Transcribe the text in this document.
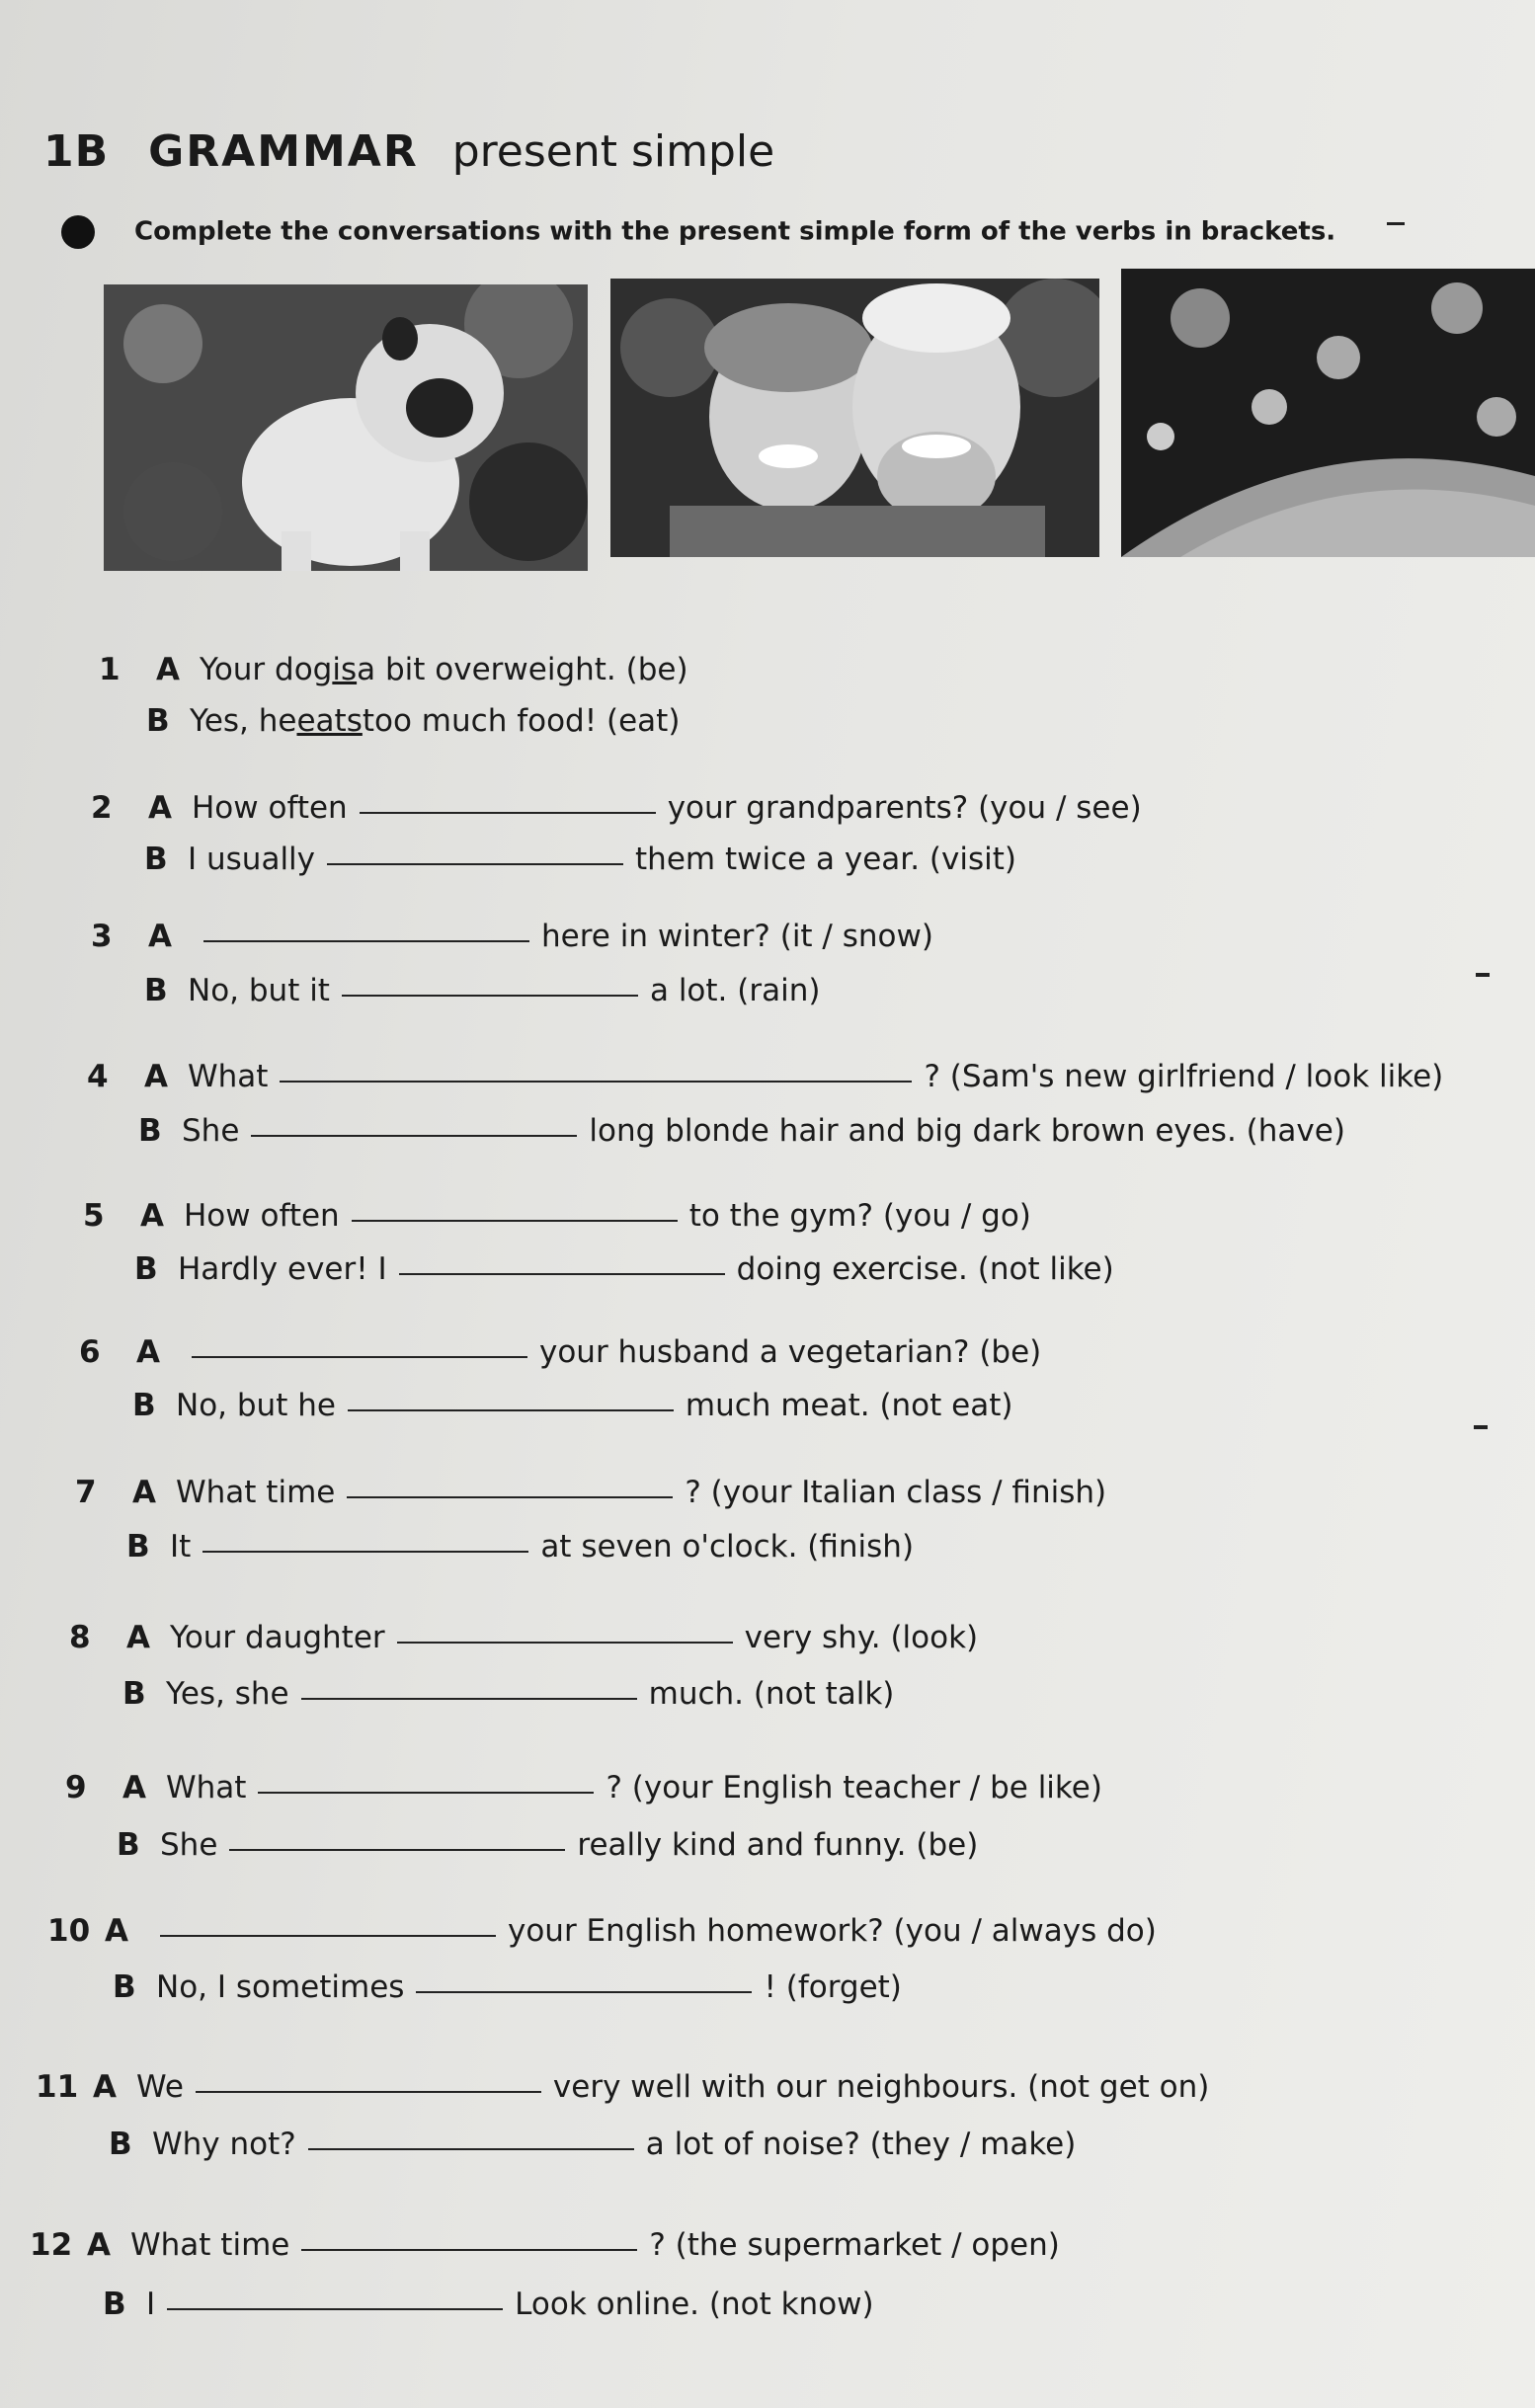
1B GRAMMAR present simple
Complete the conversations with the present simple form of the verbs in brackets.
1	A Your dog is a bit overweight. (be)
B Yes, he eats too much food! (eat)
2	A How often	your grandparents? (you / see)
B I usually	them twice a year. (visit)
3	A	here in winter? (it / snow)
B No, but it	a lot. (rain)
4	A What	? (Sam's new girlfriend / look like)
B She	long blonde hair and big dark brown eyes. (have)
5	A How often	to the gym? (you / go)
B Hardly ever! I	doing exercise. (not like)
6	A	your husband a vegetarian? (be)
B No, but he	much meat. (not eat)
7	A What time	? (your Italian class / finish)
B It	at seven o'clock. (finish)
8	A Your daughter	very shy. (look)
B Yes, she	much. (not talk)
9	A What	? (your English teacher / be like)
B She	really kind and funny. (be)
10 A	your English homework? (you / always do)
B No, I sometimes	! (forget)
11 A We	very well with our neighbours. (not get on)
B Why not?	a lot of noise? (they / make)
12 A What time	? (the supermarket / open)
B I	Look online. (not know)
